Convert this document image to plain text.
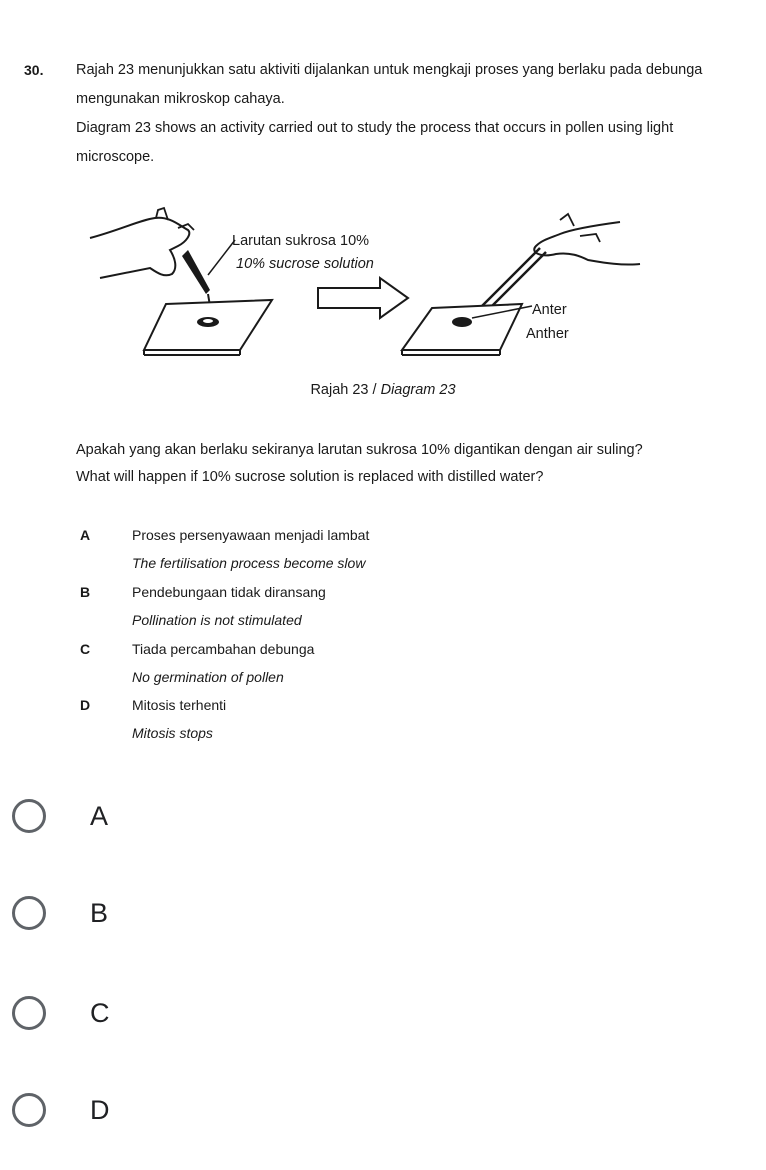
30. Rajah 23 menunjukkan satu aktiviti dijalankan untuk mengkaji proses yang berlaku pada debunga mengunakan mikroskop cahaya.
Diagram 23 shows an activity carried out to study the process that occurs in pollen using light microscope.
Larutan sukrosa 10%
10% sucrose solution
Anter
Anther
Rajah 23 / Diagram 23
Apakah yang akan berlaku sekiranya larutan sukrosa 10% digantikan dengan air suling?
What will happen if 10% sucrose solution is replaced with distilled water?
A	Proses persenyawaan menjadi lambat
The fertilisation process become slow
B	Pendebungaan tidak diransang
Pollination is not stimulated
C	Tiada percambahan debunga
No germination of pollen
D	Mitosis terhenti
Mitosis stops
A
B
C
D
